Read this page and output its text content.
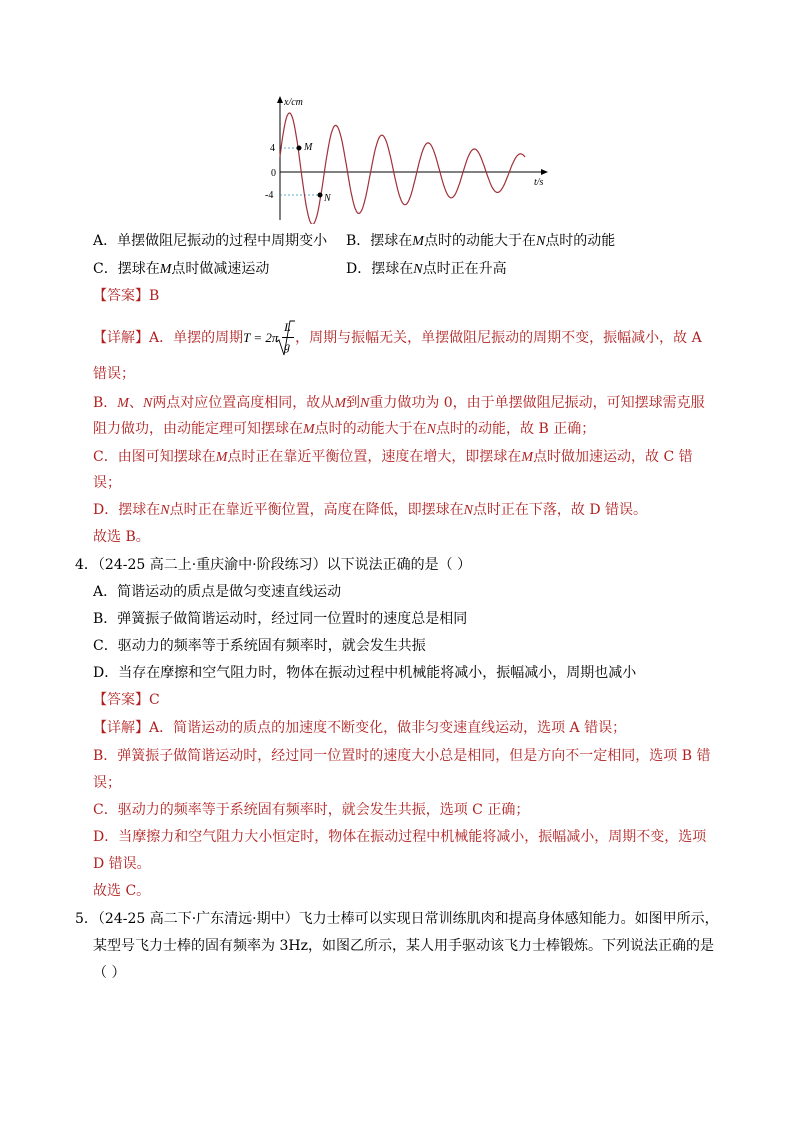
x/cm
t/s
4
0
-4
M
N
A．单摆做阻尼振动的过程中周期变小 B．摆球在M点时的动能大于在N点时的动能
C．摆球在M点时做减速运动	D．摆球在N点时正在升高
【答案】B
【详解】A．单摆的周期 T = 2π
L
g ，周期与振幅无关，单摆做阻尼振动的周期不变，振幅减小，故 A
错误；
B．M、N两点对应位置高度相同，故从M到N重力做功为 0，由于单摆做阻尼振动，可知摆球需克服
阻力做功，由动能定理可知摆球在M点时的动能大于在N点时的动能，故 B 正确；
C．由图可知摆球在M点时正在靠近平衡位置，速度在增大，即摆球在M点时做加速运动，故 C 错
误；
D．摆球在N点时正在靠近平衡位置，高度在降低，即摆球在N点时正在下落，故 D 错误。
故选 B。
4．（24-25 高二上·重庆渝中·阶段练习）以下说法正确的是（ ）
A．简谐运动的质点是做匀变速直线运动
B．弹簧振子做简谐运动时，经过同一位置时的速度总是相同
C．驱动力的频率等于系统固有频率时，就会发生共振
D．当存在摩擦和空气阻力时，物体在振动过程中机械能将减小，振幅减小，周期也减小
【答案】C
【详解】A．简谐运动的质点的加速度不断变化，做非匀变速直线运动，选项 A 错误；
B．弹簧振子做简谐运动时，经过同一位置时的速度大小总是相同，但是方向不一定相同，选项 B 错
误；
C．驱动力的频率等于系统固有频率时，就会发生共振，选项 C 正确；
D．当摩擦力和空气阻力大小恒定时，物体在振动过程中机械能将减小，振幅减小，周期不变，选项
D 错误。
故选 C。
5．（24-25 高二下·广东清远·期中）飞力士棒可以实现日常训练肌肉和提高身体感知能力。如图甲所示，
某型号飞力士棒的固有频率为 3Hz，如图乙所示，某人用手驱动该飞力士棒锻炼。下列说法正确的是
（ ）
